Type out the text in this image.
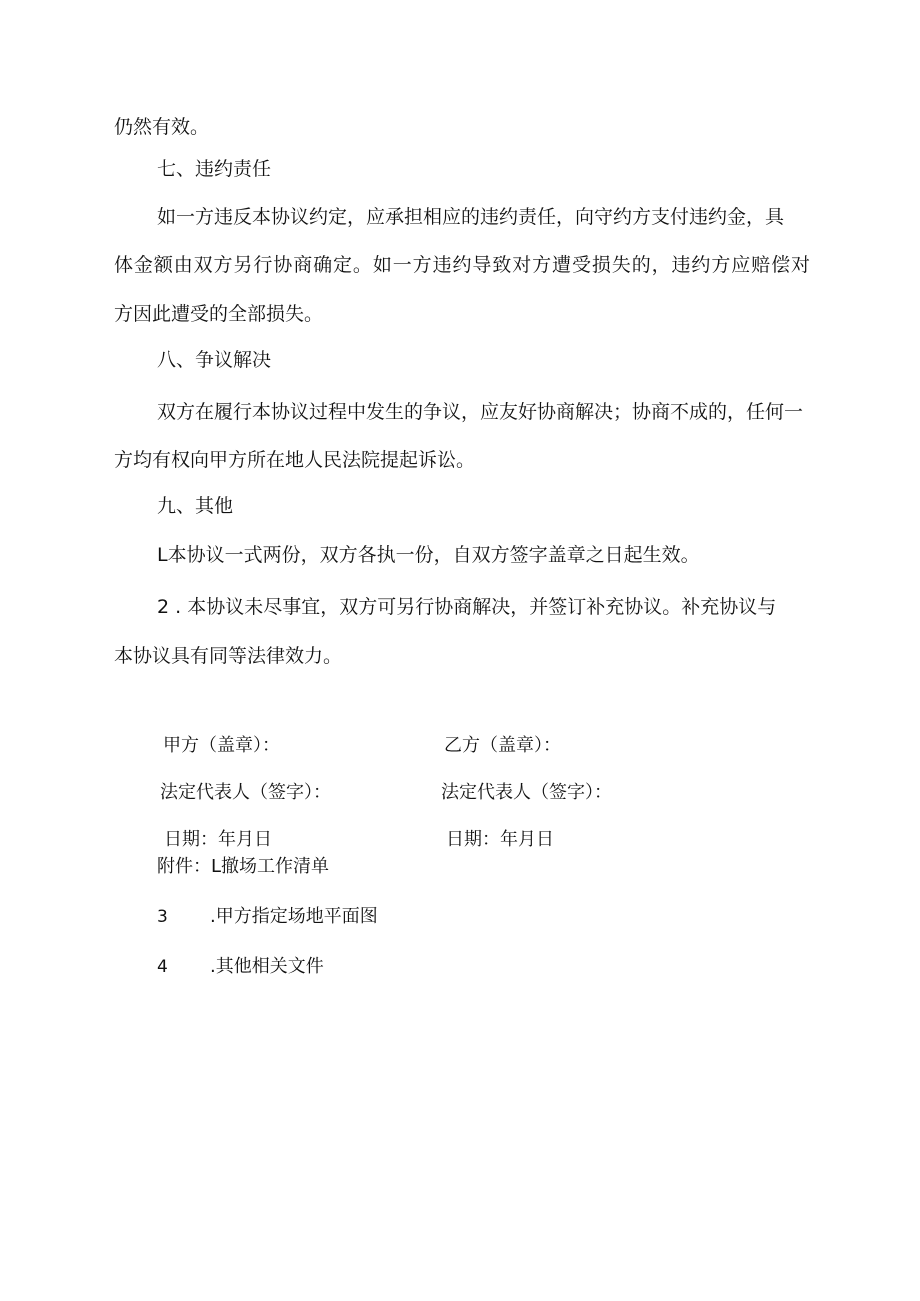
仍然有效。
七、违约责任
如一方违反本协议约定，应承担相应的违约责任，向守约方支付违约金，具
体金额由双方另行协商确定。如一方违约导致对方遭受损失的，违约方应赔偿对
方因此遭受的全部损失。
八、争议解决
双方在履行本协议过程中发生的争议，应友好协商解决；协商不成的，任何一
方均有权向甲方所在地人民法院提起诉讼。
九、其他
L本协议一式两份，双方各执一份，自双方签字盖章之日起生效。
2 . 本协议未尽事宜，双方可另行协商解决，并签订补充协议。补充协议与
本协议具有同等法律效力。
甲方（盖章）：	乙方（盖章）：
法定代表人（签字）：	法定代表人（签字）：
日期：年月日	日期：年月日
附件：L撤场工作清单
3 .甲方指定场地平面图
4 .其他相关文件
